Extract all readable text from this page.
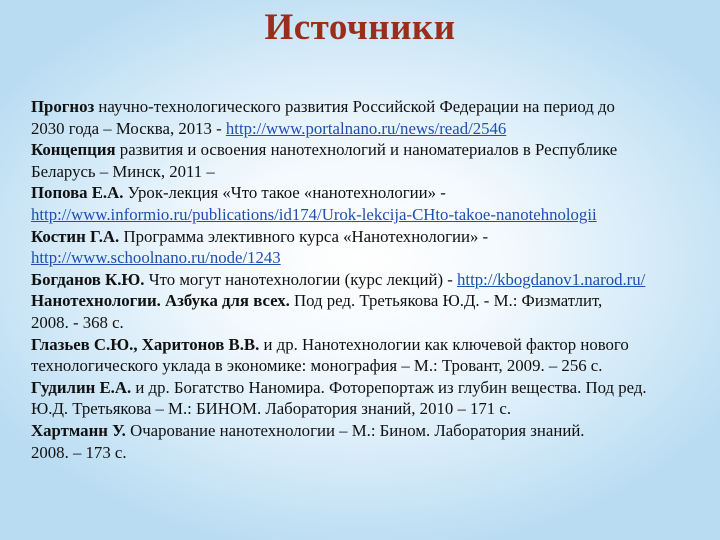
Источники
Прогноз научно-технологического развития Российской Федерации на период до
2030 года – Москва, 2013 - http://www.portalnano.ru/news/read/2546
Концепция развития и освоения нанотехнологий и наноматериалов в Республике
Беларусь – Минск, 2011 –
Попова Е.А. Урок-лекция «Что такое «нанотехнологии» -
http://www.informio.ru/publications/id174/Urok-lekcija-CHto-takoe-nanotehnologii
Костин Г.А. Программа элективного курса «Нанотехнологии» -
http://www.schoolnano.ru/node/1243
Богданов К.Ю. Что могут нанотехнологии (курс лекций) - http://kbogdanov1.narod.ru/
Нанотехнологии. Азбука для всех. Под ред. Третьякова Ю.Д. - М.: Физматлит,
2008. - 368 с.
Глазьев С.Ю., Харитонов В.В. и др. Нанотехнологии как ключевой фактор нового
технологического уклада в экономике: монография – М.: Тровант, 2009. – 256 с.
Гудилин Е.А. и др. Богатство Наномира. Фоторепортаж из глубин вещества. Под ред.
Ю.Д. Третьякова – М.: БИНОМ. Лаборатория знаний, 2010 – 171 с.
Хартманн У. Очарование нанотехнологии – М.: Бином. Лаборатория знаний.
2008. – 173 с.
